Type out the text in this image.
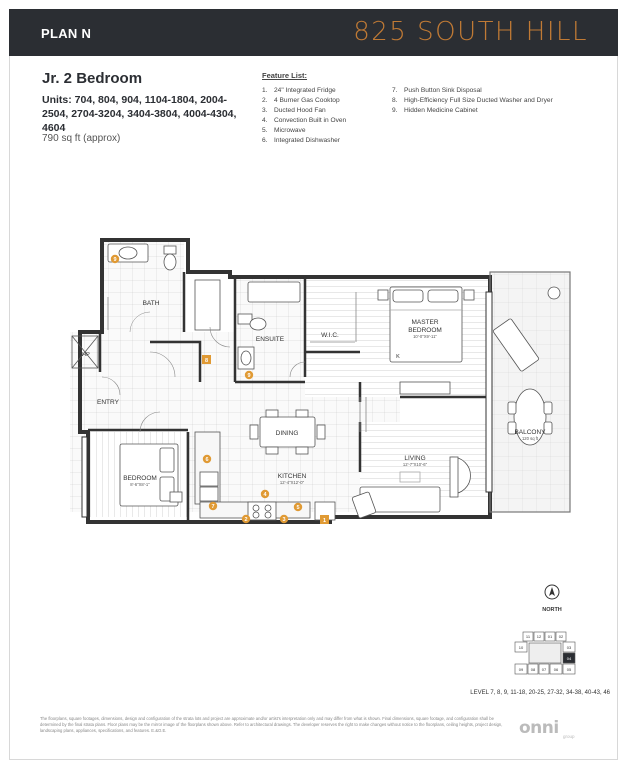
PLAN N	825 SOUTH HILL
Jr. 2 Bedroom
Units: 704, 804, 904, 1104-1804, 2004-2504, 2704-3204, 3404-3804, 4004-4304, 4604
790 sq ft (approx)
Feature List:
1. 24" Integrated Fridge
2. 4 Burner Gas Cooktop
3. Ducted Hood Fan
4. Convection Built in Oven
5. Microwave
6. Integrated Dishwasher
7. Push Button Sink Disposal
8. High-Efficiency Full Size Ducted Washer and Dryer
9. Hidden Medicine Cabinet
BATH
HP
ENTRY
ENSUITE
W.I.C.
MASTER
BEDROOM
10'-0"X9'-11"
K
DINING
KITCHEN
12'-4"X12'-0"
BEDROOM
8'-6"X8'-1"
LIVING
12'-7"X10'-6"
BALCONY
120 sq ft
9
8
9
6
4
7
2	3
5
1
NORTH
11 12 01 02
10	03
04
09 08 07 06 05
LEVEL 7, 8, 9, 11-18, 20-25, 27-32, 34-38, 40-43, 46
The floorplans, square footages, dimensions, design and configuration of the strata lots and project are approximate and/or artist's interpretation only and may differ from what is shown. Final dimensions, square footage, and configuration shall be determined by the final strata plans. Floor plans may be the mirror image of the floorplans shown above. Refer to architectural drawings. The developer reserves the right to make changes without notice to the floorplans, ceiling heights, project design, landscaping plans, appliances, specifications, and features. E.&O.E.	onni group
